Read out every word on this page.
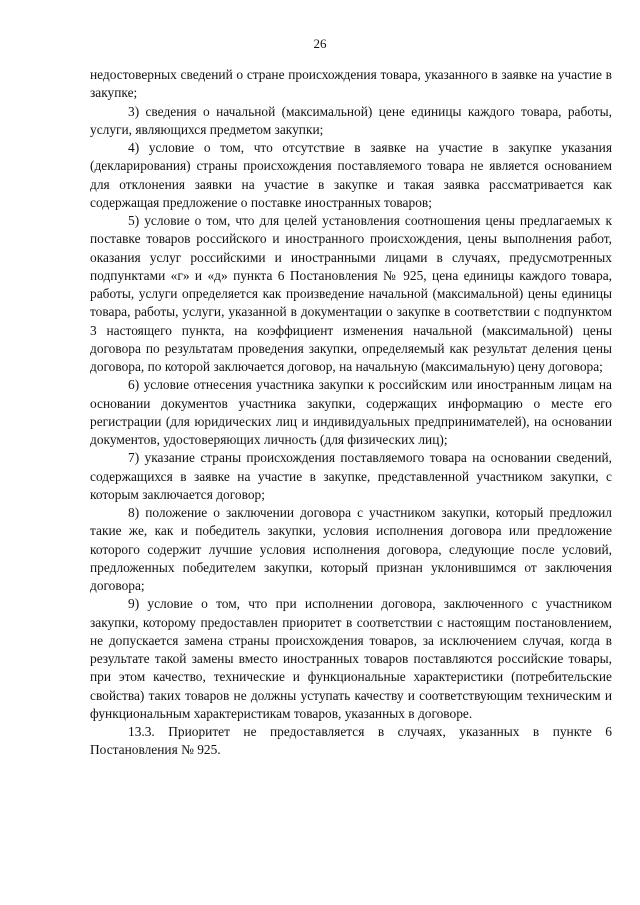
26

недостоверных сведений о стране происхождения товара, указанного в заявке на участие в закупке;

3) сведения о начальной (максимальной) цене единицы каждого товара, работы, услуги, являющихся предметом закупки;

4) условие о том, что отсутствие в заявке на участие в закупке указания (декларирования) страны происхождения поставляемого товара не является основанием для отклонения заявки на участие в закупке и такая заявка рассматривается как содержащая предложение о поставке иностранных товаров;

5) условие о том, что для целей установления соотношения цены предлагаемых к поставке товаров российского и иностранного происхождения, цены выполнения работ, оказания услуг российскими и иностранными лицами в случаях, предусмотренных подпунктами «г» и «д» пункта 6 Постановления № 925, цена единицы каждого товара, работы, услуги определяется как произведение начальной (максимальной) цены единицы товара, работы, услуги, указанной в документации о закупке в соответствии с подпунктом 3 настоящего пункта, на коэффициент изменения начальной (максимальной) цены договора по результатам проведения закупки, определяемый как результат деления цены договора, по которой заключается договор, на начальную (максимальную) цену договора;

6) условие отнесения участника закупки к российским или иностранным лицам на основании документов участника закупки, содержащих информацию о месте его регистрации (для юридических лиц и индивидуальных предпринимателей), на основании документов, удостоверяющих личность (для физических лиц);

7) указание страны происхождения поставляемого товара на основании сведений, содержащихся в заявке на участие в закупке, представленной участником закупки, с которым заключается договор;

8) положение о заключении договора с участником закупки, который предложил такие же, как и победитель закупки, условия исполнения договора или предложение которого содержит лучшие условия исполнения договора, следующие после условий, предложенных победителем закупки, который признан уклонившимся от заключения договора;

9) условие о том, что при исполнении договора, заключенного с участником закупки, которому предоставлен приоритет в соответствии с настоящим постановлением, не допускается замена страны происхождения товаров, за исключением случая, когда в результате такой замены вместо иностранных товаров поставляются российские товары, при этом качество, технические и функциональные характеристики (потребительские свойства) таких товаров не должны уступать качеству и соответствующим техническим и функциональным характеристикам товаров, указанных в договоре.

13.3. Приоритет не предоставляется в случаях, указанных в пункте 6 Постановления № 925.
